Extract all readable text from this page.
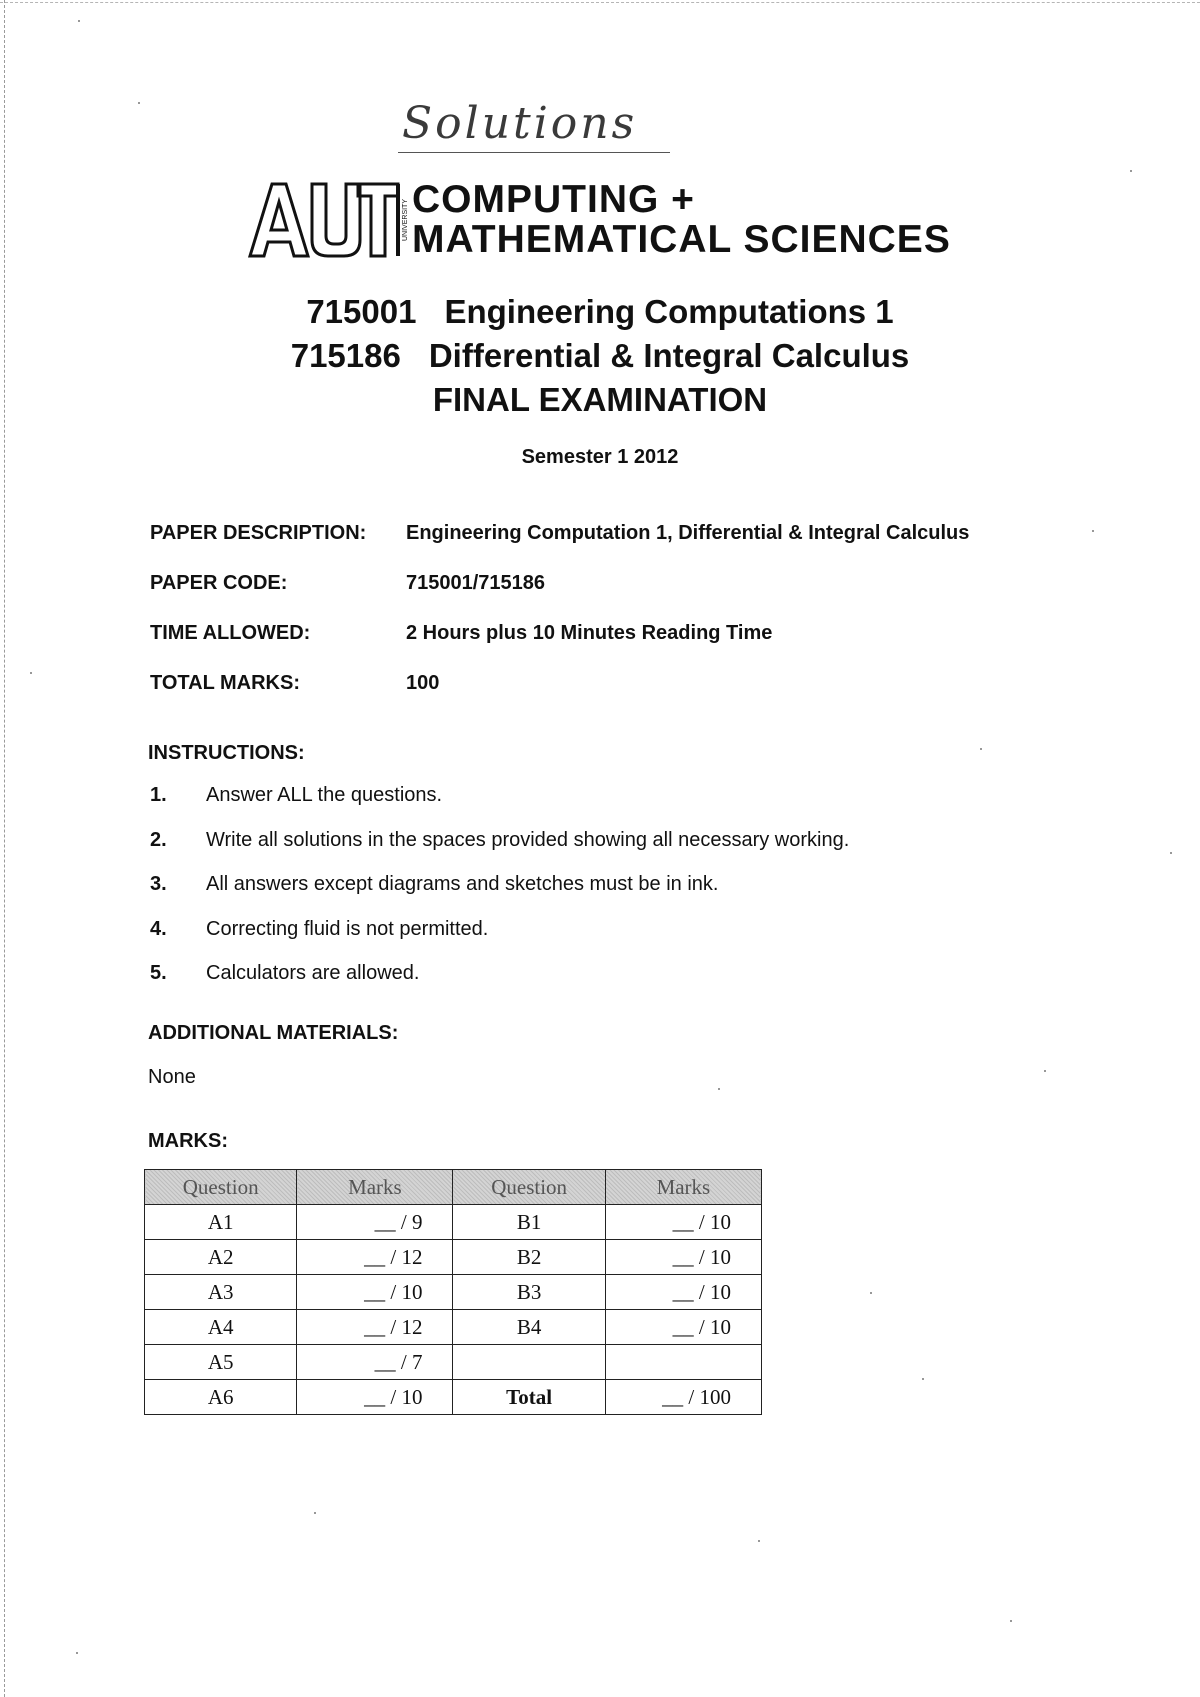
Solutions
UNIVERSITY COMPUTING +
MATHEMATICAL SCIENCES
715001 Engineering Computations 1
715186 Differential & Integral Calculus
FINAL EXAMINATION
Semester 1 2012
PAPER DESCRIPTION: Engineering Computation 1, Differential & Integral Calculus
PAPER CODE:	715001/715186
TIME ALLOWED:	2 Hours plus 10 Minutes Reading Time
TOTAL MARKS:	100
INSTRUCTIONS:
1. Answer ALL the questions.
2. Write all solutions in the spaces provided showing all necessary working.
3. All answers except diagrams and sketches must be in ink.
4. Correcting fluid is not permitted.
5. Calculators are allowed.
ADDITIONAL MATERIALS:
None
MARKS:
Question	Marks	Question	Marks
A1	__ / 9	B1	__ / 10
A2	__ / 12	B2	__ / 10
A3	__ / 10	B3	__ / 10
A4	__ / 12	B4	__ / 10
A5	__ / 7		
A6	__ / 10	Total	__ / 100
